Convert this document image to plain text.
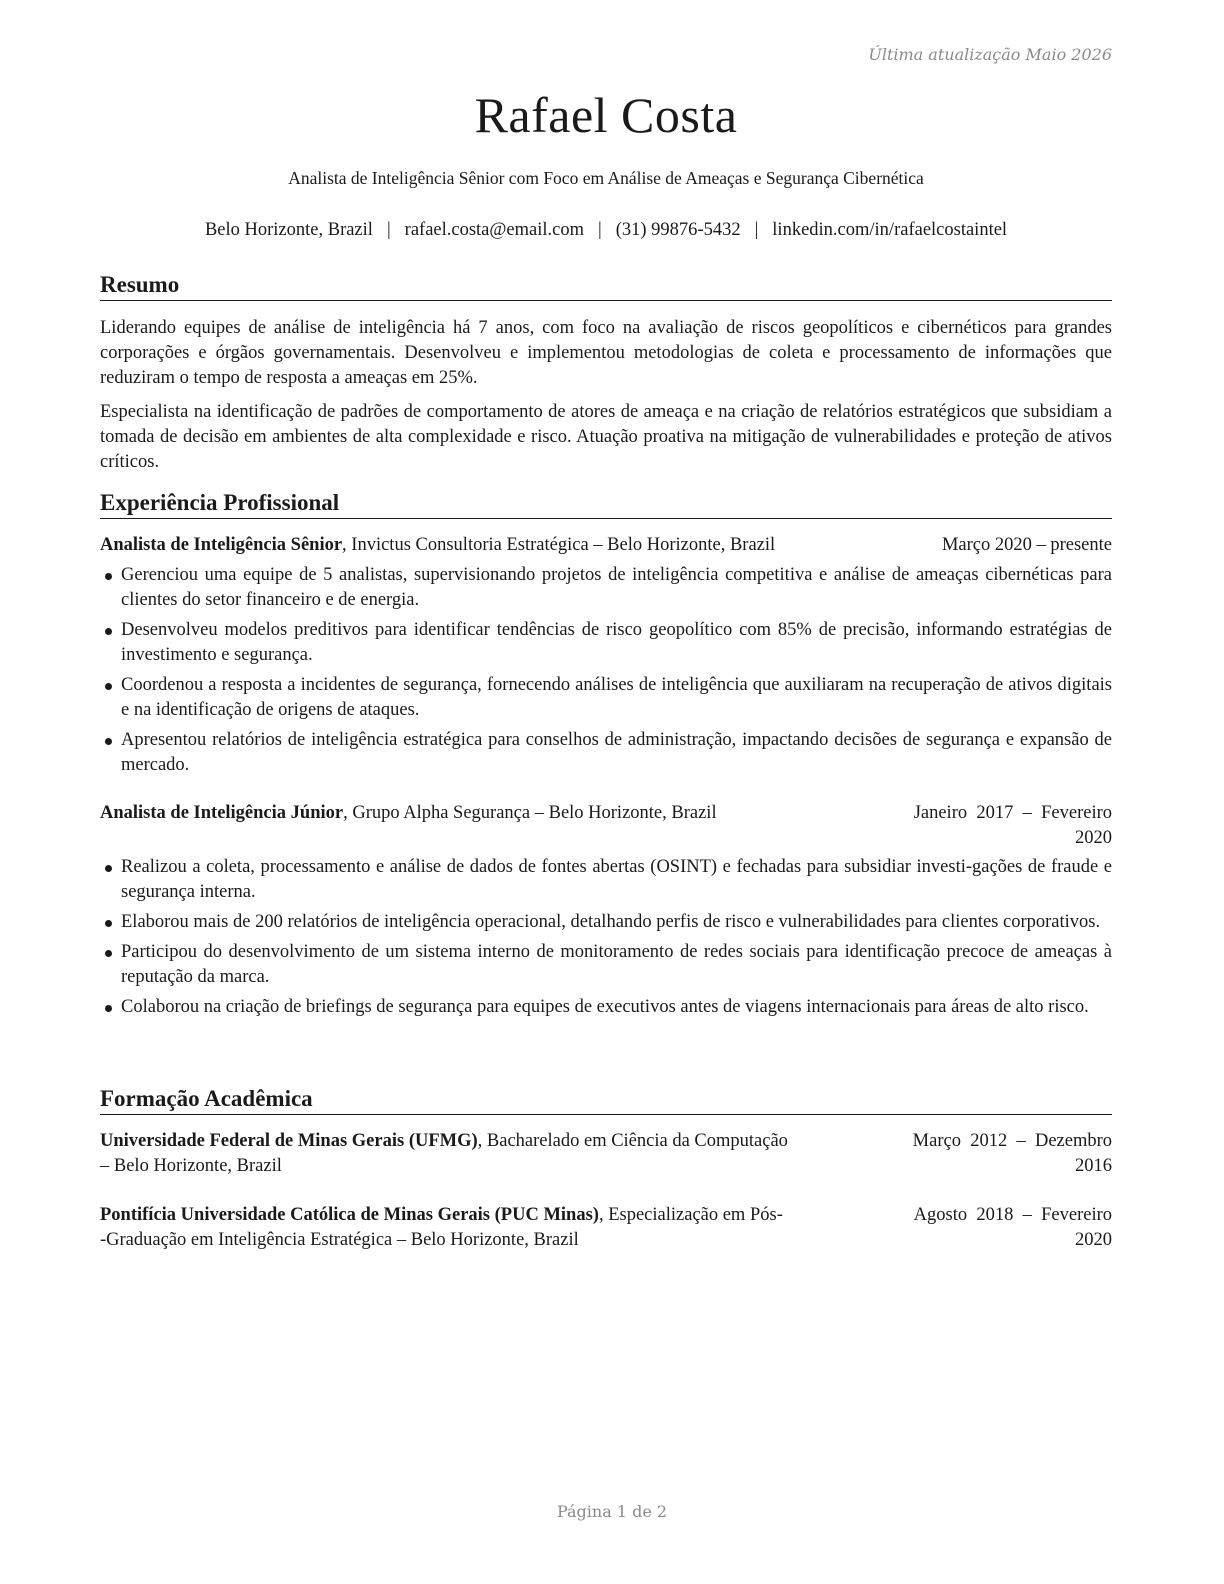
Última atualização Maio 2026
Rafael Costa
Analista de Inteligência Sênior com Foco em Análise de Ameaças e Segurança Cibernética
Belo Horizonte, Brazil | rafael.costa@email.com | (31) 99876-5432 | linkedin.com/in/rafaelcostaintel
Resumo

Liderando equipes de análise de inteligência há 7 anos, com foco na avaliação de riscos geopolíticos e cibernéticos para grandes corporações e órgãos governamentais. Desenvolveu e implementou metodologias de coleta e processamento de informações que reduziram o tempo de resposta a ameaças em 25%.

Especialista na identificação de padrões de comportamento de atores de ameaça e na criação de relatórios estratégicos que subsidiam a tomada de decisão em ambientes de alta complexidade e risco. Atuação proativa na mitigação de vulnerabilidades e proteção de ativos críticos.

Experiência Profissional
Analista de Inteligência Sênior, Invictus Consultoria Estratégica – Belo Horizonte, Brazil	Março 2020 – presente
Gerenciou uma equipe de 5 analistas, supervisionando projetos de inteligência competitiva e análise de ameaças cibernéticas para clientes do setor financeiro e de energia.
Desenvolveu modelos preditivos para identificar tendências de risco geopolítico com 85% de precisão, informando estratégias de investimento e segurança.
Coordenou a resposta a incidentes de segurança, fornecendo análises de inteligência que auxiliaram na recuperação de ativos digitais e na identificação de origens de ataques.
Apresentou relatórios de inteligência estratégica para conselhos de administração, impactando decisões de segurança e expansão de mercado.
Analista de Inteligência Júnior, Grupo Alpha Segurança – Belo Horizonte, Brazil	Janeiro  2017  –  Fevereiro
2020
Realizou a coleta, processamento e análise de dados de fontes abertas (OSINT) e fechadas para subsidiar investi-gações de fraude e segurança interna.
Elaborou mais de 200 relatórios de inteligência operacional, detalhando perfis de risco e vulnerabilidades para clientes corporativos.
Participou do desenvolvimento de um sistema interno de monitoramento de redes sociais para identificação precoce de ameaças à reputação da marca.
Colaborou na criação de briefings de segurança para equipes de executivos antes de viagens internacionais para áreas de alto risco.
Formação Acadêmica
Universidade Federal de Minas Gerais (UFMG), Bacharelado em Ciência da Computação
– Belo Horizonte, Brazil
Março  2012  –  Dezembro
2016
Pontifícia Universidade Católica de Minas Gerais (PUC Minas), Especialização em Pós-
-Graduação em Inteligência Estratégica – Belo Horizonte, Brazil
Agosto  2018  –  Fevereiro
2020
Página 1 de 2
